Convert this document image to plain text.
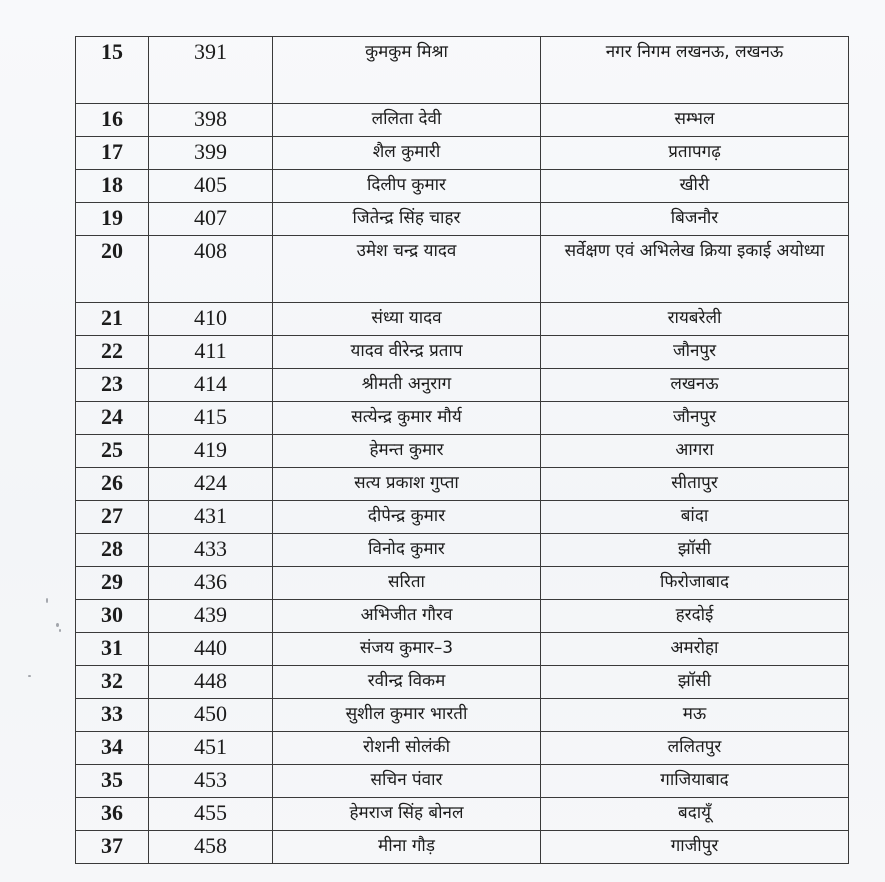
15	391	कुमकुम मिश्रा	नगर निगम लखनऊ, लखनऊ
16	398	ललिता देवी	सम्भल
17	399	शैल कुमारी	प्रतापगढ़
18	405	दिलीप कुमार	खीरी
19	407	जितेन्द्र सिंह चाहर	बिजनौर
20	408	उमेश चन्द्र यादव	सर्वेक्षण एवं अभिलेख क्रिया इकाई अयोध्या
21	410	संध्या यादव	रायबरेली
22	411	यादव वीरेन्द्र प्रताप	जौनपुर
23	414	श्रीमती अनुराग	लखनऊ
24	415	सत्येन्द्र कुमार मौर्य	जौनपुर
25	419	हेमन्त कुमार	आगरा
26	424	सत्य प्रकाश गुप्ता	सीतापुर
27	431	दीपेन्द्र कुमार	बांदा
28	433	विनोद कुमार	झॉसी
29	436	सरिता	फिरोजाबाद
30	439	अभिजीत गौरव	हरदोई
31	440	संजय कुमार–3	अमरोहा
32	448	रवीन्द्र विकम	झॉसी
33	450	सुशील कुमार भारती	मऊ
34	451	रोशनी सोलंकी	ललितपुर
35	453	सचिन पंवार	गाजियाबाद
36	455	हेमराज सिंह बोनल	बदायूँ
37	458	मीना गौड़	गाजीपुर
